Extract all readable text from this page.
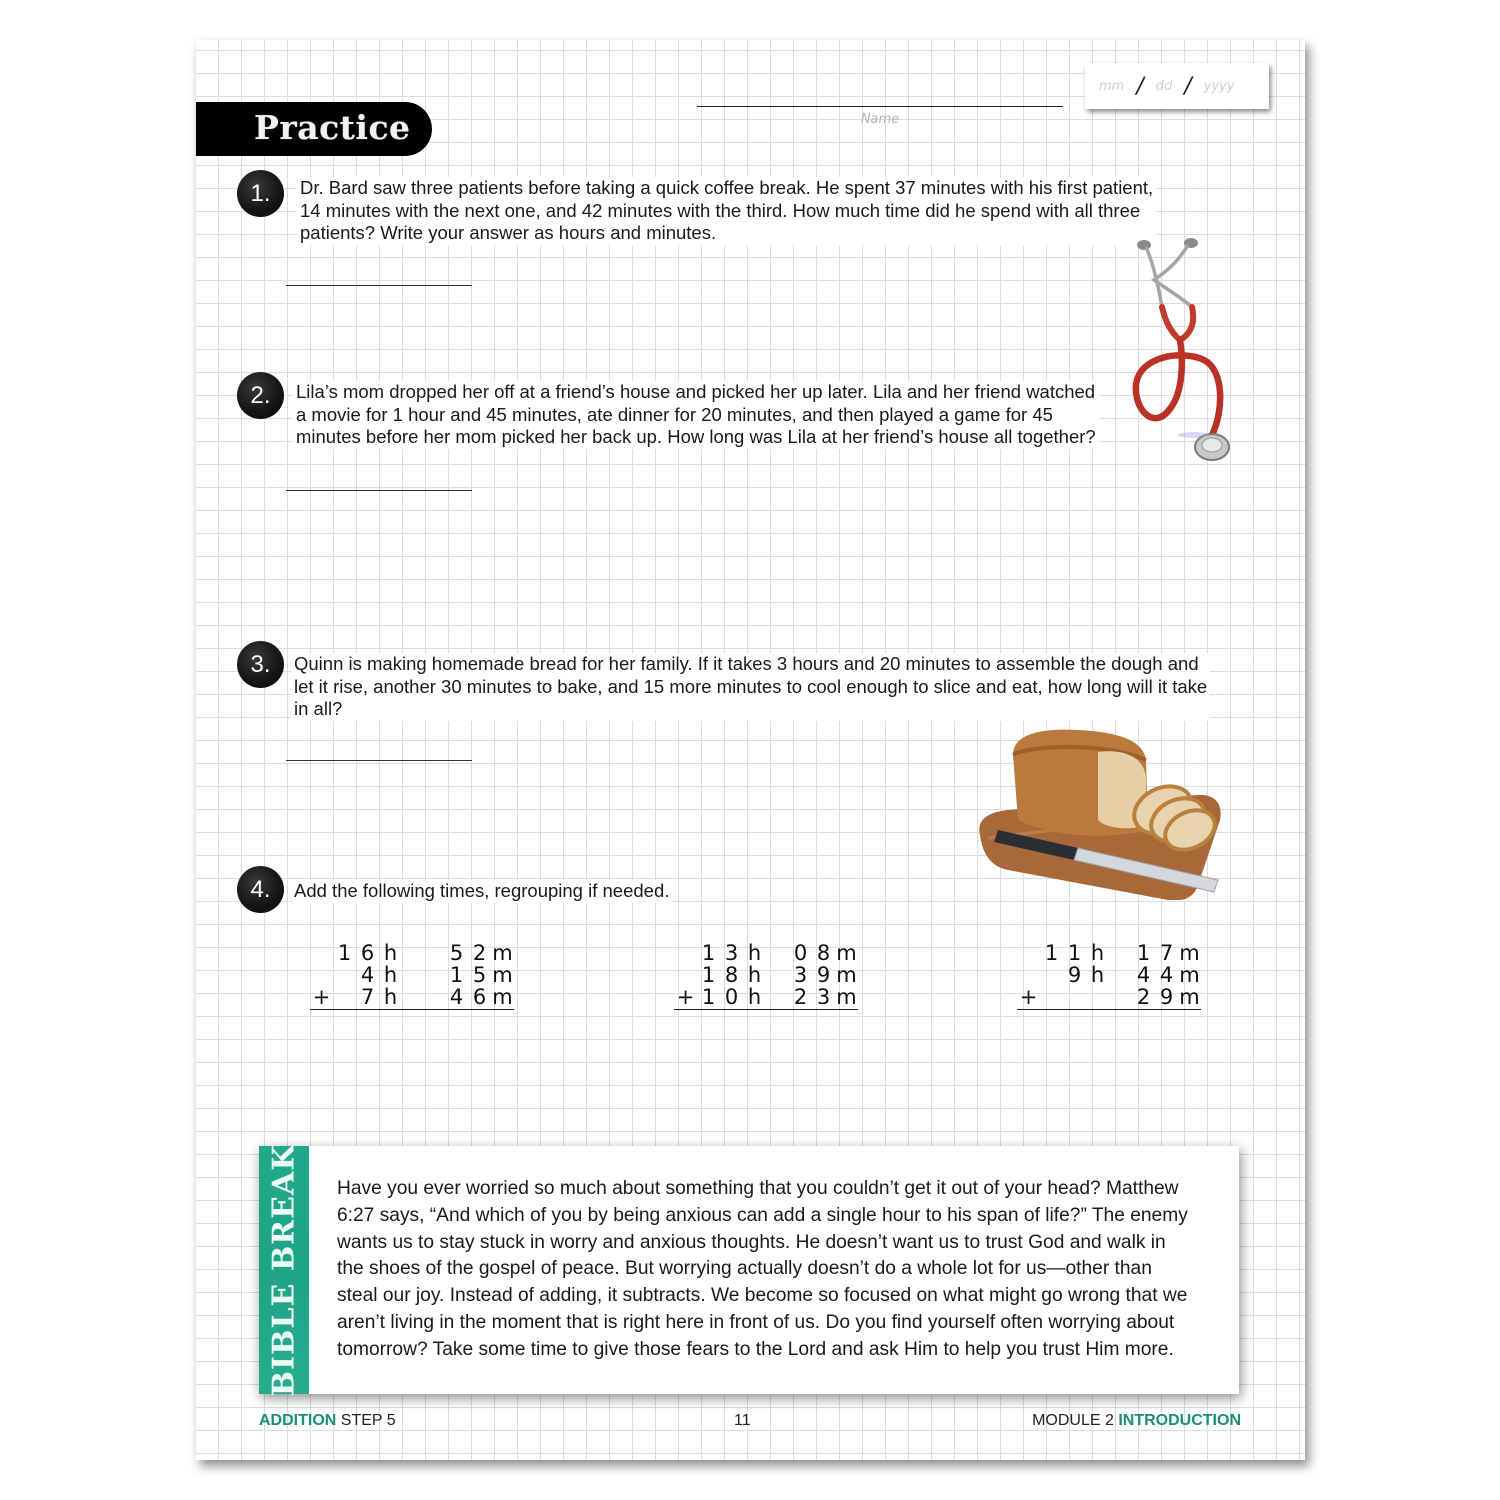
Practice	Name
mm / dd / yyyy
1.	Dr. Bard saw three patients before taking a quick coffee break. He spent 37 minutes with his first patient,
14 minutes with the next one, and 42 minutes with the third. How much time did he spend with all three
patients? Write your answer as hours and minutes.
2.	Lila’s mom dropped her off at a friend’s house and picked her up later. Lila and her friend watched
a movie for 1 hour and 45 minutes, ate dinner for 20 minutes, and then played a game for 45
minutes before her mom picked her back up. How long was Lila at her friend’s house all together?
3.	Quinn is making homemade bread for her family. If it takes 3 hours and 20 minutes to assemble the dough and
let it rise, another 30 minutes to bake, and 15 more minutes to cool enough to slice and eat, how long will it take
in all?
4.	Add the following times, regrouping if needed.
1 6 h	5 2 m
4 h	1 5 m
+ 7 h	4 6 m
1 3 h 0 8 m
1 8 h 3 9 m
+ 1 0 h 2 3 m
1 1 h 1 7 m
9 h 4 4 m
+	2 9 m
BIBLE BREAK Have you ever worried so much about something that you couldn’t get it out of your head? Matthew
6:27 says, “And which of you by being anxious can add a single hour to his span of life?” The enemy
wants us to stay stuck in worry and anxious thoughts. He doesn’t want us to trust God and walk in
the shoes of the gospel of peace. But worrying actually doesn’t do a whole lot for us—other than
steal our joy. Instead of adding, it subtracts. We become so focused on what might go wrong that we
aren’t living in the moment that is right here in front of us. Do you find yourself often worrying about
tomorrow? Take some time to give those fears to the Lord and ask Him to help you trust Him more.
ADDITION STEP 5	11	MODULE 2 INTRODUCTION
